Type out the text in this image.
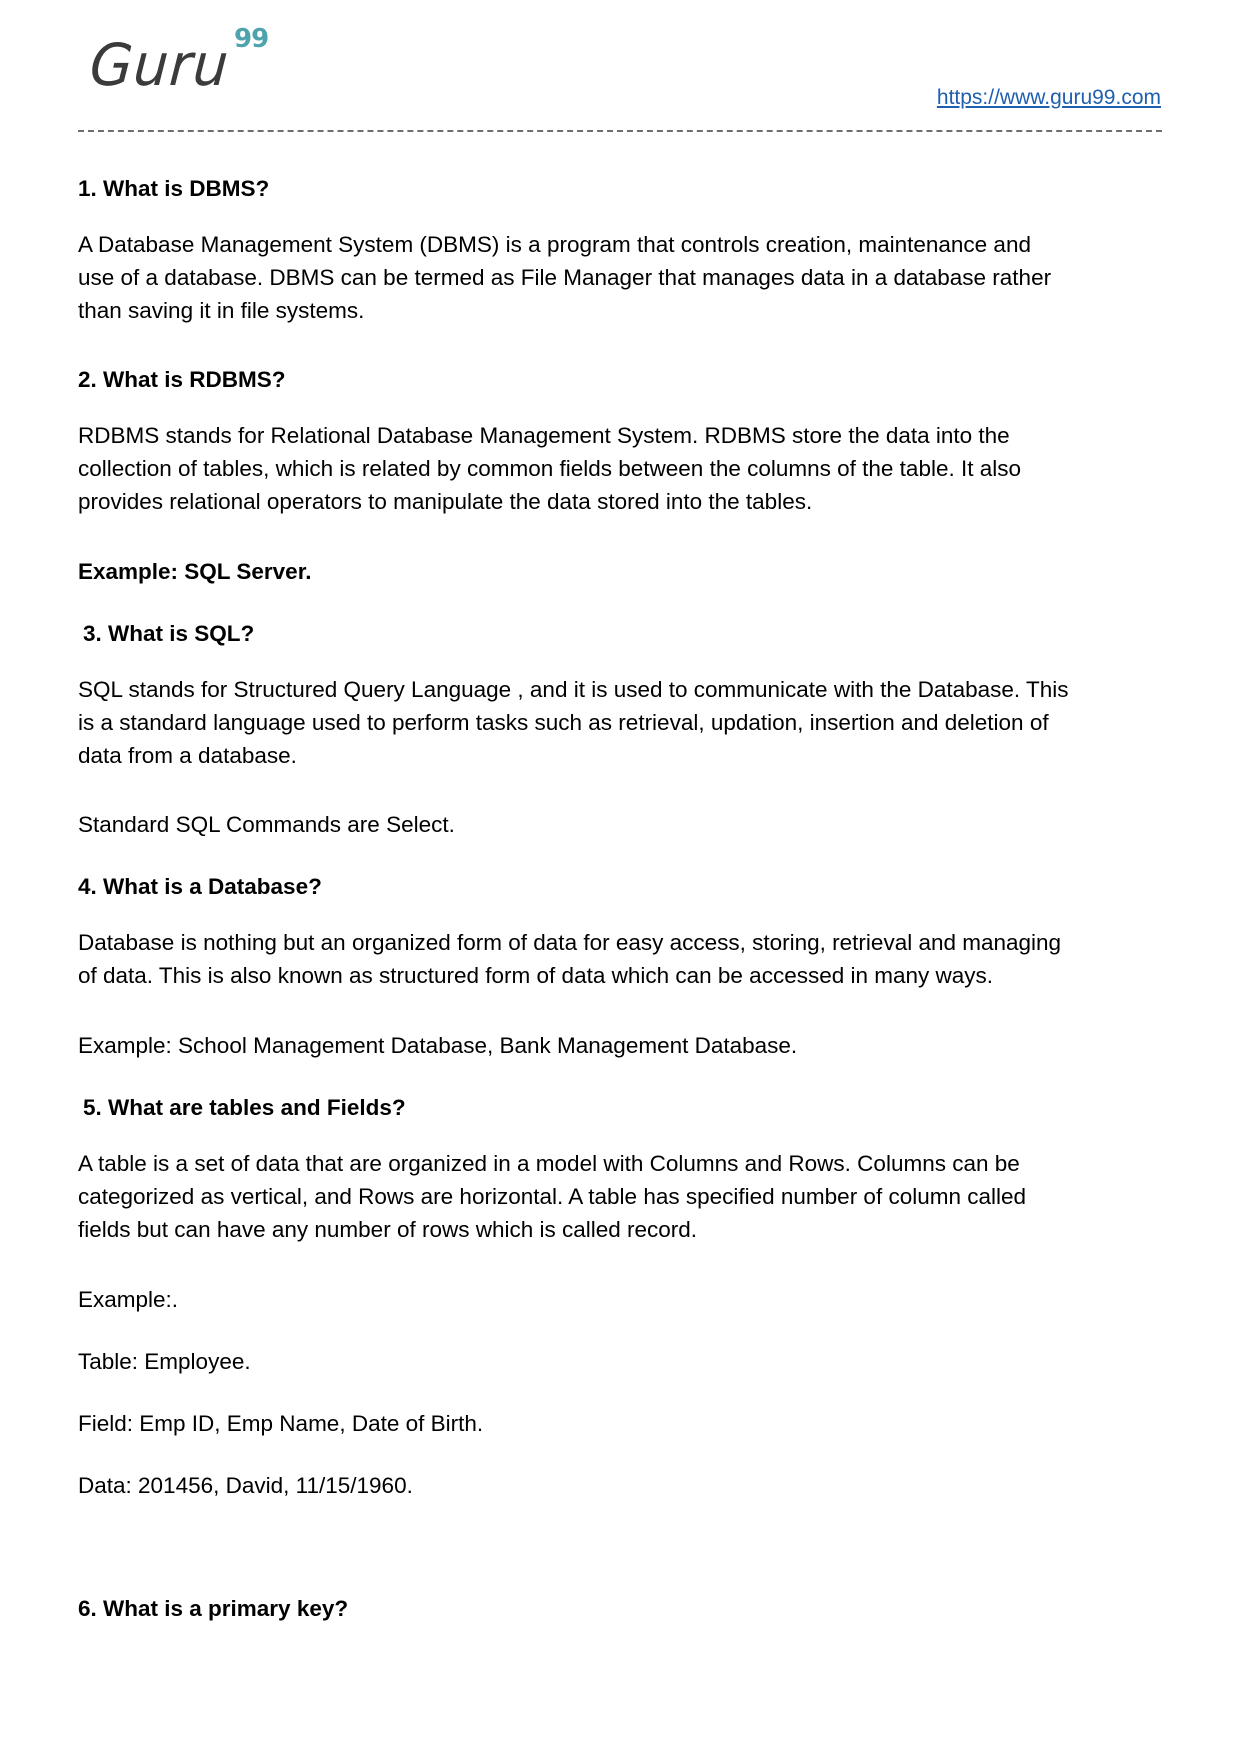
Guru 99
https://www.guru99.com
1. What is DBMS?
A Database Management System (DBMS) is a program that controls creation, maintenance and
use of a database. DBMS can be termed as File Manager that manages data in a database rather
than saving it in file systems.
2. What is RDBMS?
RDBMS stands for Relational Database Management System. RDBMS store the data into the
collection of tables, which is related by common fields between the columns of the table. It also
provides relational operators to manipulate the data stored into the tables.
Example: SQL Server.
3. What is SQL?
SQL stands for Structured Query Language , and it is used to communicate with the Database. This
is a standard language used to perform tasks such as retrieval, updation, insertion and deletion of
data from a database.
Standard SQL Commands are Select.
4. What is a Database?
Database is nothing but an organized form of data for easy access, storing, retrieval and managing
of data. This is also known as structured form of data which can be accessed in many ways.
Example: School Management Database, Bank Management Database.
5. What are tables and Fields?
A table is a set of data that are organized in a model with Columns and Rows. Columns can be
categorized as vertical, and Rows are horizontal. A table has specified number of column called
fields but can have any number of rows which is called record.
Example:.
Table: Employee.
Field: Emp ID, Emp Name, Date of Birth.
Data: 201456, David, 11/15/1960.
6. What is a primary key?
